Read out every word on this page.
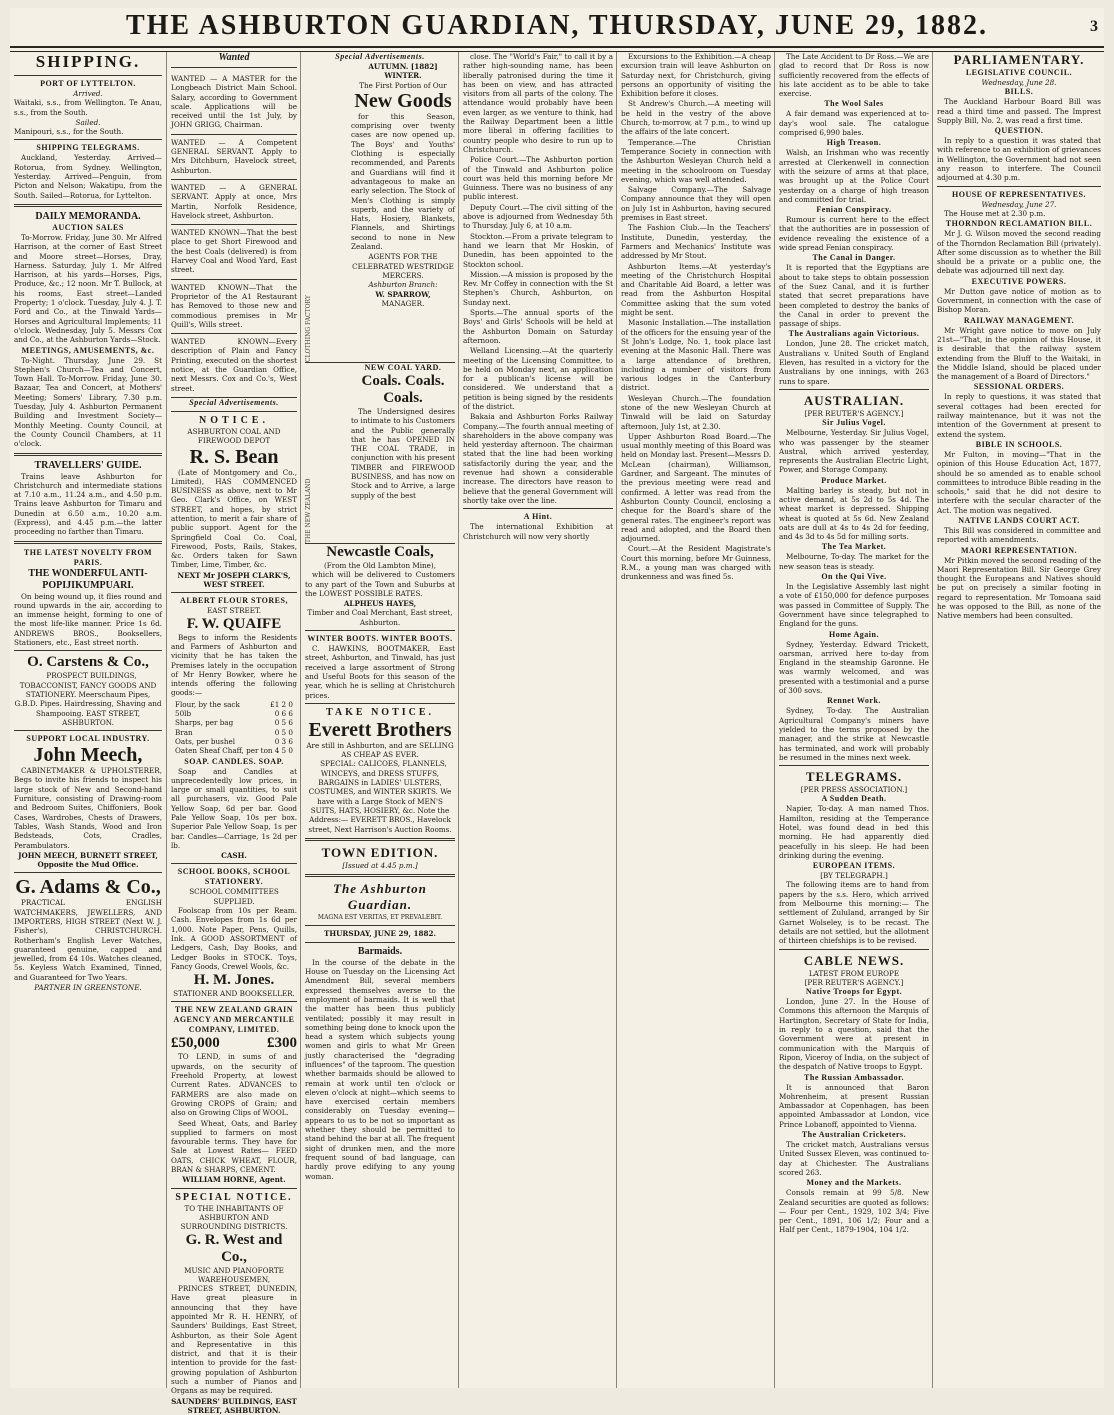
THE ASHBURTON GUARDIAN, THURSDAY, JUNE 29, 1882.	3
SHIPPING.
PORT OF LYTTELTON.
Arrived.
Waitaki, s.s., from Wellington. Te Anau, s.s., from the South.
Sailed.
Manipouri, s.s., for the South.
SHIPPING TELEGRAMS.
Auckland, Yesterday. Arrived—Rotorua, from Sydney. Wellington, Yesterday. Arrived—Penguin, from Picton and Nelson; Wakatipu, from the South. Sailed—Rotorua, for Lyttelton.
DAILY MEMORANDA.
AUCTION SALES
To-Morrow. Friday, June 30. Mr Alfred Harrison, at the corner of East Street and Moore street—Horses, Dray, Harness. Saturday, July 1. Mr Alfred Harrison, at his yards—Horses, Pigs, Produce, &c.; 12 noon. Mr T. Bullock, at his rooms, East street—Landed Property; 1 o'clock. Tuesday, July 4. J. T. Ford and Co., at the Tinwald Yards—Horses and Agricultural Implements; 11 o'clock. Wednesday, July 5. Messrs Cox and Co., at the Ashburton Yards—Stock.
MEETINGS, AMUSEMENTS, &c.
To-Night. Thursday, June 29. St Stephen's Church—Tea and Concert, Town Hall. To-Morrow. Friday, June 30. Bazaar, Tea and Concert, at Mothers' Meeting; Somers' Library, 7.30 p.m. Tuesday, July 4. Ashburton Permanent Building and Investment Society—Monthly Meeting. County Council, at the County Council Chambers, at 11 o'clock.
TRAVELLERS' GUIDE.
Trains leave Ashburton for Christchurch and intermediate stations at 7.10 a.m., 11.24 a.m., and 4.50 p.m. Trains leave Ashburton for Timaru and Dunedin at 6.50 a.m., 10.20 a.m. (Express), and 4.45 p.m.—the latter proceeding no farther than Timaru.
THE LATEST NOVELTY FROM PARIS.
THE WONDERFUL ANTI-POPIJIKUMPUARI.
On being wound up, it flies round and round upwards in the air, according to an immense height, forming to one of the most life-like manner. Price 1s 6d. ANDREWS BROS., Booksellers, Stationers, etc., East street north.
O. Carstens & Co.,
PROSPECT BUILDINGS, TOBACCONIST, FANCY GOODS AND STATIONERY. Meerschaum Pipes, G.B.D. Pipes. Hairdressing, Shaving and Shampooing. EAST STREET, ASHBURTON.
SUPPORT LOCAL INDUSTRY.
John Meech,
CABINETMAKER & UPHOLSTERER, Begs to invite his friends to inspect his large stock of New and Second-hand Furniture, consisting of Drawing-room and Bedroom Suites, Chiffoniers, Book Cases, Wardrobes, Chests of Drawers, Tables, Wash Stands, Wood and Iron Bedsteads, Cots, Cradles, Perambulators.
JOHN MEECH, BURNETT STREET, Opposite the Mud Office.
G. Adams & Co.,
PRACTICAL ENGLISH WATCHMAKERS, JEWELLERS, AND IMPORTERS, HIGH STREET (Next W. J. Fisher's), CHRISTCHURCH. Rotherham's English Lever Watches, guaranteed genuine, capped and jewelled, from £4 10s. Watches cleaned, 5s. Keyless Watch Examined, Tinned, and Guaranteed for Two Years.
PARTNER IN GREENSTONE.
Wanted
WANTED — A MASTER for the Longbeach District Main School. Salary, according to Government scale. Applications will be received until the 1st July, by JOHN GRIGG, Chairman.
WANTED — A Competent GENERAL SERVANT. Apply to Mrs Ditchburn, Havelock street, Ashburton.
WANTED — A GENERAL SERVANT. Apply at once, Mrs Martin, Norfolk Residence, Havelock street, Ashburton.
WANTED KNOWN—That the best place to get Short Firewood and the best Coals (delivered) is from Harvey Coal and Wood Yard, East street.
WANTED KNOWN—That the Proprietor of the A1 Restaurant has Removed to those new and commodious premises in Mr Quill's, Wills street.
WANTED KNOWN—Every description of Plain and Fancy Printing, executed on the shortest notice, at the Guardian Office, next Messrs. Cox and Co.'s, West street.
Special Advertisements.
NOTICE.
ASHBURTON COAL AND FIREWOOD DEPOT
R. S. Bean
(Late of Montgomery and Co., Limited), HAS COMMENCED BUSINESS as above, next to Mr Geo. Clark's Office, on WEST STREET, and hopes, by strict attention, to merit a fair share of public support. Agent for the Springfield Coal Co. Coal, Firewood, Posts, Rails, Stakes, &c. Orders taken for Sawn Timber, Lime, Timber, &c.
NEXT Mr JOSEPH CLARK'S, WEST STREET.
ALBERT FLOUR STORES,
EAST STREET.
F. W. QUAIFE
Begs to inform the Residents and Farmers of Ashburton and vicinity that he has taken the Premises lately in the occupation of Mr Henry Bowker, where he intends offering the following goods:—
Flour, by the sack	£1 2 0
50lb	0 6 6
Sharps, per bag	0 5 6
Bran	0 5 0
Oats, per bushel	0 3 6
Oaten Sheaf Chaff, per ton 4 5 0
SOAP. CANDLES. SOAP.
Soap and Candles at unprecedentedly low prices, in large or small quantities, to suit all purchasers, viz. Good Pale Yellow Soap, 6d per bar. Good Pale Yellow Soap, 10s per box. Superior Pale Yellow Soap, 1s per bar. Candles—Carriage, 1s 2d per lb.
CASH.
SCHOOL BOOKS, SCHOOL STATIONERY.
SCHOOL COMMITTEES SUPPLIED.
Foolscap from 10s per Ream. Cash. Envelopes from 1s 6d per 1,000. Note Paper, Pens, Quills, Ink. A GOOD ASSORTMENT of Ledgers, Cash, Day Books, and Ledger Books in STOCK. Toys, Fancy Goods, Crewel Wools, &c.
H. M. Jones.
STATIONER AND BOOKSELLER.
THE NEW ZEALAND GRAIN AGENCY AND MERCANTILE COMPANY, LIMITED.
£50,000	£300
TO LEND, in sums of and upwards, on the security of Freehold Property, at lowest Current Rates. ADVANCES to FARMERS are also made on Growing CROPS of Grain; and also on Growing Clips of WOOL.
Seed Wheat, Oats, and Barley supplied to farmers on most favourable terms. They have for Sale at Lowest Rates— FEED OATS, CHICK WHEAT, FLOUR, BRAN & SHARPS, CEMENT.
WILLIAM HORNE, Agent.
SPECIAL NOTICE.
TO THE INHABITANTS OF ASHBURTON AND SURROUNDING DISTRICTS.
G. R. West and Co.,
MUSIC AND PIANOFORTE WAREHOUSEMEN,
PRINCES STREET, DUNEDIN, Have great pleasure in announcing that they have appointed Mr R. H. HENRY, of Saunders' Buildings, East Street, Ashburton, as their Sole Agent and Representative in this district, and that it is their intention to provide for the fast-growing population of Ashburton such a number of Pianos and Organs as may be required.
SAUNDERS' BUILDINGS, EAST STREET, ASHBURTON.
Special Advertisements.
CLOTHING FACTORY
AUTUMN. [1882] WINTER.
The First Portion of Our
New Goods
for this Season, comprising over twenty cases are now opened up. The Boys' and Youths' Clothing is especially recommended, and Parents and Guardians will find it advantageous to make an early selection. The Stock of Men's Clothing is simply superb, and the variety of Hats, Hosiery, Blankets, Flannels, and Shirtings second to none in New Zealand.
AGENTS FOR THE CELEBRATED WESTRIDGE MERCERS.
Ashburton Branch:
W. SPARROW,
MANAGER.
THE NEW ZEALAND
NEW COAL YARD.
Coals. Coals. Coals.
The Undersigned desires to intimate to his Customers and the Public generally that he has OPENED IN THE COAL TRADE, in conjunction with his present TIMBER and FIREWOOD BUSINESS, and has now on Stock and to Arrive, a large supply of the best
Newcastle Coals,
(From the Old Lambton Mine),
which will be delivered to Customers to any part of the Town and Suburbs at the LOWEST POSSIBLE RATES.
ALPHEUS HAYES,
Timber and Coal Merchant, East street, Ashburton.
WINTER BOOTS. WINTER BOOTS.
C. HAWKINS, BOOTMAKER, East street, Ashburton, and Tinwald, has just received a large assortment of Strong and Useful Boots for this season of the year, which he is selling at Christchurch prices.
TAKE NOTICE.
Everett Brothers
Are still in Ashburton, and are SELLING AS CHEAP AS EVER.
SPECIAL: CALICOES, FLANNELS, WINCEYS, and DRESS STUFFS, BARGAINS in LADIES' ULSTERS, COSTUMES, and WINTER SKIRTS. We have with a Large Stock of MEN'S SUITS, HATS, HOSIERY, &c. Note the Address:— EVERETT BROS., Havelock street, Next Harrison's Auction Rooms.
TOWN EDITION.
[Issued at 4.45 p.m.]
The Ashburton Guardian.
MAGNA EST VERITAS, ET PREVALEBIT.
THURSDAY, JUNE 29, 1882.
Barmaids.
In the course of the debate in the House on Tuesday on the Licensing Act Amendment Bill, several members expressed themselves averse to the employment of barmaids. It is well that the matter has been thus publicly ventilated; possibly it may result in something being done to knock upon the head a system which subjects young women and girls to what Mr Green justly characterised the "degrading influences" of the taproom. The question whether barmaids should be allowed to remain at work until ten o'clock or eleven o'clock at night—which seems to have exercised certain members considerably on Tuesday evening—appears to us to be not so important as whether they should be permitted to stand behind the bar at all. The frequent sight of drunken men, and the more frequent sound of bad language, can hardly prove edifying to any young woman.
close. The "World's Fair," to call it by a rather high-sounding name, has been liberally patronised during the time it has been on view, and has attracted visitors from all parts of the colony. The attendance would probably have been even larger, as we venture to think, had the Railway Department been a little more liberal in offering facilities to country people who desire to run up to Christchurch.
Police Court.—The Ashburton portion of the Tinwald and Ashburton police court was held this morning before Mr Guinness. There was no business of any public interest.
Deputy Court.—The civil sitting of the above is adjourned from Wednesday 5th to Thursday, July 6, at 10 a.m.
Stockton.—From a private telegram to hand we learn that Mr Hoskin, of Dunedin, has been appointed to the Stockton school.
Mission.—A mission is proposed by the Rev. Mr Coffey in connection with the St Stephen's Church, Ashburton, on Sunday next.
Sports.—The annual sports of the Boys' and Girls' Schools will be held at the Ashburton Domain on Saturday afternoon.
Welland Licensing.—At the quarterly meeting of the Licensing Committee, to be held on Monday next, an application for a publican's license will be considered. We understand that a petition is being signed by the residents of the district.
Bakaia and Ashburton Forks Railway Company.—The fourth annual meeting of shareholders in the above company was held yesterday afternoon. The chairman stated that the line had been working satisfactorily during the year, and the revenue had shown a considerable increase. The directors have reason to believe that the general Government will shortly take over the line.
A Hint.
The international Exhibition at Christchurch will now very shortly
Excursions to the Exhibition.—A cheap excursion train will leave Ashburton on Saturday next, for Christchurch, giving persons an opportunity of visiting the Exhibition before it closes.
St Andrew's Church.—A meeting will be held in the vestry of the above Church, to-morrow, at 7 p.m., to wind up the affairs of the late concert.
Temperance.—The Christian Temperance Society in connection with the Ashburton Wesleyan Church held a meeting in the schoolroom on Tuesday evening, which was well attended.
Salvage Company.—The Salvage Company announce that they will open on July 1st in Ashburton, having secured premises in East street.
The Fashion Club.—In the Teachers' Institute, Dunedin, yesterday, the Farmers and Mechanics' Institute was addressed by Mr Stout.
Ashburton Items.—At yesterday's meeting of the Christchurch Hospital and Charitable Aid Board, a letter was read from the Ashburton Hospital Committee asking that the sum voted might be sent.
Masonic Installation.—The installation of the officers for the ensuing year of the St John's Lodge, No. 1, took place last evening at the Masonic Hall. There was a large attendance of brethren, including a number of visitors from various lodges in the Canterbury district.
Wesleyan Church.—The foundation stone of the new Wesleyan Church at Tinwald will be laid on Saturday afternoon, July 1st, at 2.30.
Upper Ashburton Road Board.—The usual monthly meeting of this Board was held on Monday last. Present—Messrs D. McLean (chairman), Williamson, Gardner, and Sargeant. The minutes of the previous meeting were read and confirmed. A letter was read from the Ashburton County Council, enclosing a cheque for the Board's share of the general rates. The engineer's report was read and adopted, and the Board then adjourned.
Court.—At the Resident Magistrate's Court this morning, before Mr Guinness, R.M., a young man was charged with drunkenness and was fined 5s.
The Late Accident to Dr Ross.—We are glad to record that Dr Ross is now sufficiently recovered from the effects of his late accident as to be able to take exercise.
The Wool Sales
A fair demand was experienced at to-day's wool sale. The catalogue comprised 6,990 bales.
High Treason.
Walsh, an Irishman who was recently arrested at Clerkenwell in connection with the seizure of arms at that place, was brought up at the Police Court yesterday on a charge of high treason and committed for trial.
Fenian Conspiracy.
Rumour is current here to the effect that the authorities are in possession of evidence revealing the existence of a wide spread Fenian conspiracy.
The Canal in Danger.
It is reported that the Egyptians are about to take steps to obtain possession of the Suez Canal, and it is further stated that secret preparations have been completed to destroy the banks of the Canal in order to prevent the passage of ships.
The Australians again Victorious.
London, June 28. The cricket match, Australians v. United South of England Eleven, has resulted in a victory for the Australians by one innings, with 263 runs to spare.
AUSTRALIAN.
[PER REUTER'S AGENCY.]
Sir Julius Vogel.
Melbourne, Yesterday. Sir Julius Vogel, who was passenger by the steamer Austral, which arrived yesterday, represents the Australian Electric Light, Power, and Storage Company.
Produce Market.
Malting barley is steady, but not in active demand, at 5s 2d to 5s 4d. The wheat market is depressed. Shipping wheat is quoted at 5s 6d. New Zealand oats are dull at 4s to 4s 2d for feeding, and 4s 3d to 4s 5d for milling sorts.
The Tea Market.
Melbourne, To-day. The market for the new season teas is steady.
On the Qui Vive.
In the Legislative Assembly last night a vote of £150,000 for defence purposes was passed in Committee of Supply. The Government have since telegraphed to England for the guns.
Home Again.
Sydney, Yesterday. Edward Trickett, oarsman, arrived here to-day from England in the steamship Garonne. He was warmly welcomed, and was presented with a testimonial and a purse of 300 sovs.
Rennet Work.
Sydney, To-day. The Australian Agricultural Company's miners have yielded to the terms proposed by the manager, and the strike at Newcastle has terminated, and work will probably be resumed in the mines next week.
TELEGRAMS.
[PER PRESS ASSOCIATION.]
A Sudden Death.
Napier, To-day. A man named Thos. Hamilton, residing at the Temperance Hotel, was found dead in bed this morning. He had apparently died peacefully in his sleep. He had been drinking during the evening.
EUROPEAN ITEMS.
[BY TELEGRAPH.]
The following items are to hand from papers by the s.s. Hero, which arrived from Melbourne this morning:— The settlement of Zululand, arranged by Sir Garnet Wolseley, is to be recast. The details are not settled, but the allotment of thirteen chiefships is to be revised.
CABLE NEWS.
LATEST FROM EUROPE
[PER REUTER'S AGENCY.]
Native Troops for Egypt.
London, June 27. In the House of Commons this afternoon the Marquis of Hartington, Secretary of State for India, in reply to a question, said that the Government were at present in communication with the Marquis of Ripon, Viceroy of India, on the subject of the despatch of Native troops to Egypt.
The Russian Ambassador.
It is announced that Baron Mohrenheim, at present Russian Ambassador at Copenhagen, has been appointed Ambassador at London, vice Prince Lobanoff, appointed to Vienna.
The Australian Cricketers.
The cricket match, Australians versus United Sussex Eleven, was continued to-day at Chichester. The Australians scored 263.
Money and the Markets.
Consols remain at 99 5/8. New Zealand securities are quoted as follows:— Four per Cent., 1929, 102 3/4; Five per Cent., 1891, 106 1/2; Four and a Half per Cent., 1879-1904, 104 1/2.
PARLIAMENTARY.
LEGISLATIVE COUNCIL.
Wednesday, June 28.
BILLS.
The Auckland Harbour Board Bill was read a third time and passed. The Imprest Supply Bill, No. 2, was read a first time.
QUESTION.
In reply to a question it was stated that with reference to an exhibition of grievances in Wellington, the Government had not seen any reason to interfere. The Council adjourned at 4.30 p.m.
HOUSE OF REPRESENTATIVES.
Wednesday, June 27.
The House met at 2.30 p.m.
THORNDON RECLAMATION BILL.
Mr J. G. Wilson moved the second reading of the Thorndon Reclamation Bill (privately). After some discussion as to whether the Bill should be a private or a public one, the debate was adjourned till next day.
EXECUTIVE POWERS.
Mr Dutton gave notice of motion as to Government, in connection with the case of Bishop Moran.
RAILWAY MANAGEMENT.
Mr Wright gave notice to move on July 21st—"That, in the opinion of this House, it is desirable that the railway system extending from the Bluff to the Waitaki, in the Middle Island, should be placed under the management of a Board of Directors."
SESSIONAL ORDERS.
In reply to questions, it was stated that several cottages had been erected for railway maintenance, but it was not the intention of the Government at present to extend the system.
BIBLE IN SCHOOLS.
Mr Fulton, in moving—"That in the opinion of this House Education Act, 1877, should be so amended as to enable school committees to introduce Bible reading in the schools," said that he did not desire to interfere with the secular character of the Act. The motion was negatived.
NATIVE LANDS COURT ACT.
This Bill was considered in committee and reported with amendments.
MAORI REPRESENTATION.
Mr Pitkin moved the second reading of the Maori Representation Bill. Sir George Grey thought the Europeans and Natives should be put on precisely a similar footing in regard to representation. Mr Tomoana said he was opposed to the Bill, as none of the Native members had been consulted.
